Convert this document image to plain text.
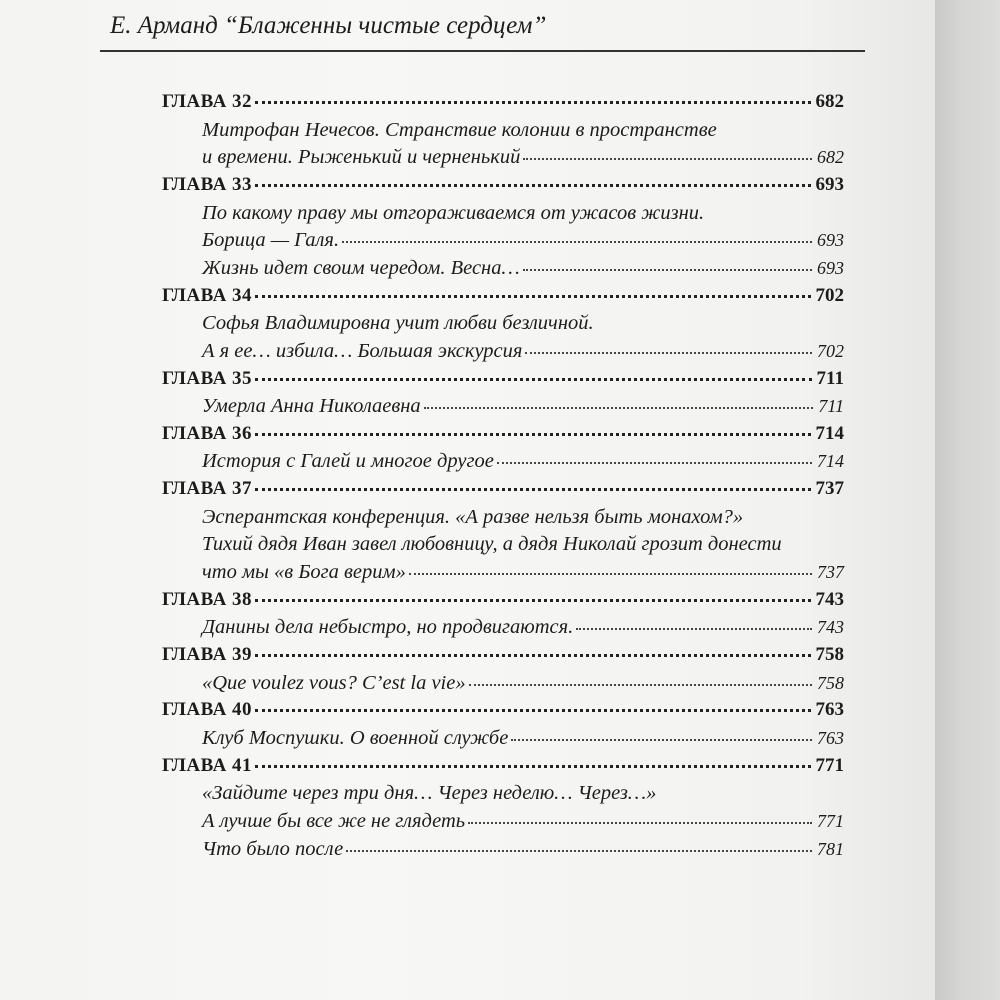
Е. Арманд “Блаженны чистые сердцем”
ГЛАВА 32	682
Митрофан Нечесов. Странствие колонии в пространстве
и времени. Рыженький и черненький	682
ГЛАВА 33	693
По какому праву мы отгораживаемся от ужасов жизни.
Борица — Галя.	693
Жизнь идет своим чередом. Весна…	693
ГЛАВА 34	702
Софья Владимировна учит любви безличной.
А я ее… избила… Большая экскурсия	702
ГЛАВА 35	711
Умерла Анна Николаевна	711
ГЛАВА 36	714
История с Галей и многое другое	714
ГЛАВА 37	737
Эсперантская конференция. «А разве нельзя быть монахом?»
Тихий дядя Иван завел любовницу, а дядя Николай грозит донести
что мы «в Бога верим»	737
ГЛАВА 38	743
Данины дела небыстро, но продвигаются.	743
ГЛАВА 39	758
«Que voulez vous? C’est la vie»	758
ГЛАВА 40	763
Клуб Моспушки. О военной службе	763
ГЛАВА 41	771
«Зайдите через три дня… Через неделю… Через…»
А лучше бы все же не глядеть	771
Что было после	781
